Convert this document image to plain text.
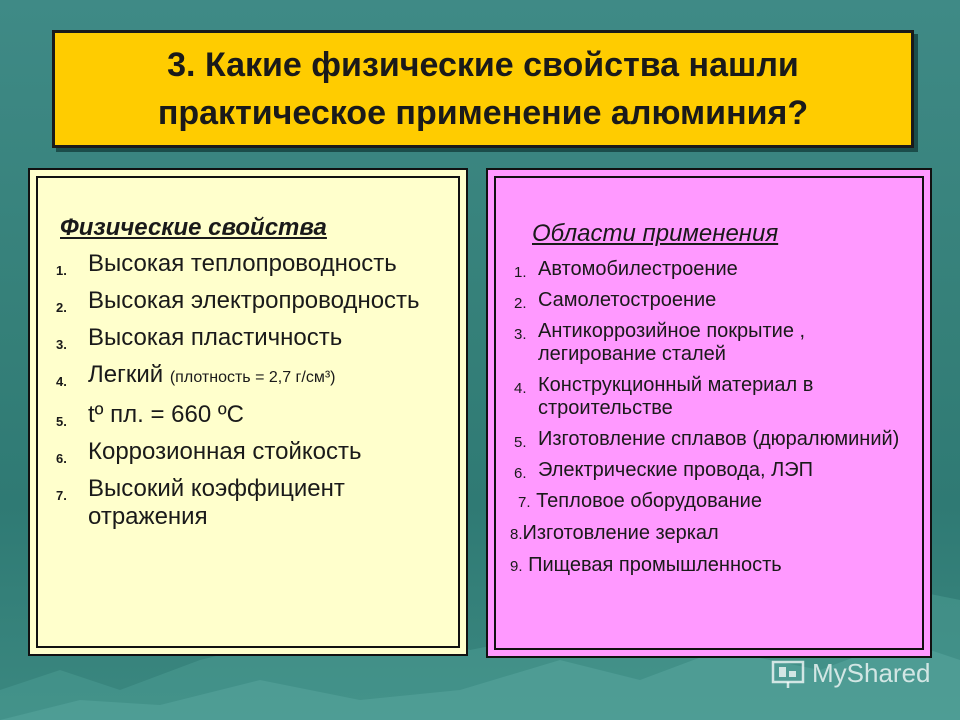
3. Какие физические свойства нашли
практическое применение алюминия?
Физические свойства
1. Высокая теплопроводность
2. Высокая электропроводность
3. Высокая пластичность
4. Легкий (плотность = 2,7 г/см³)
5. tº пл. = 660 ºС
6. Коррозионная стойкость
7. Высокий коэффициент отражения
Области применения
1. Автомобилестроение
2. Самолетостроение
3. Антикоррозийное покрытие , легирование сталей
4. Конструкционный материал в строительстве
5. Изготовление сплавов (дюралюминий)
6. Электрические провода, ЛЭП
7. Тепловое оборудование
8.Изготовление зеркал
9. Пищевая промышленность
MyShared
